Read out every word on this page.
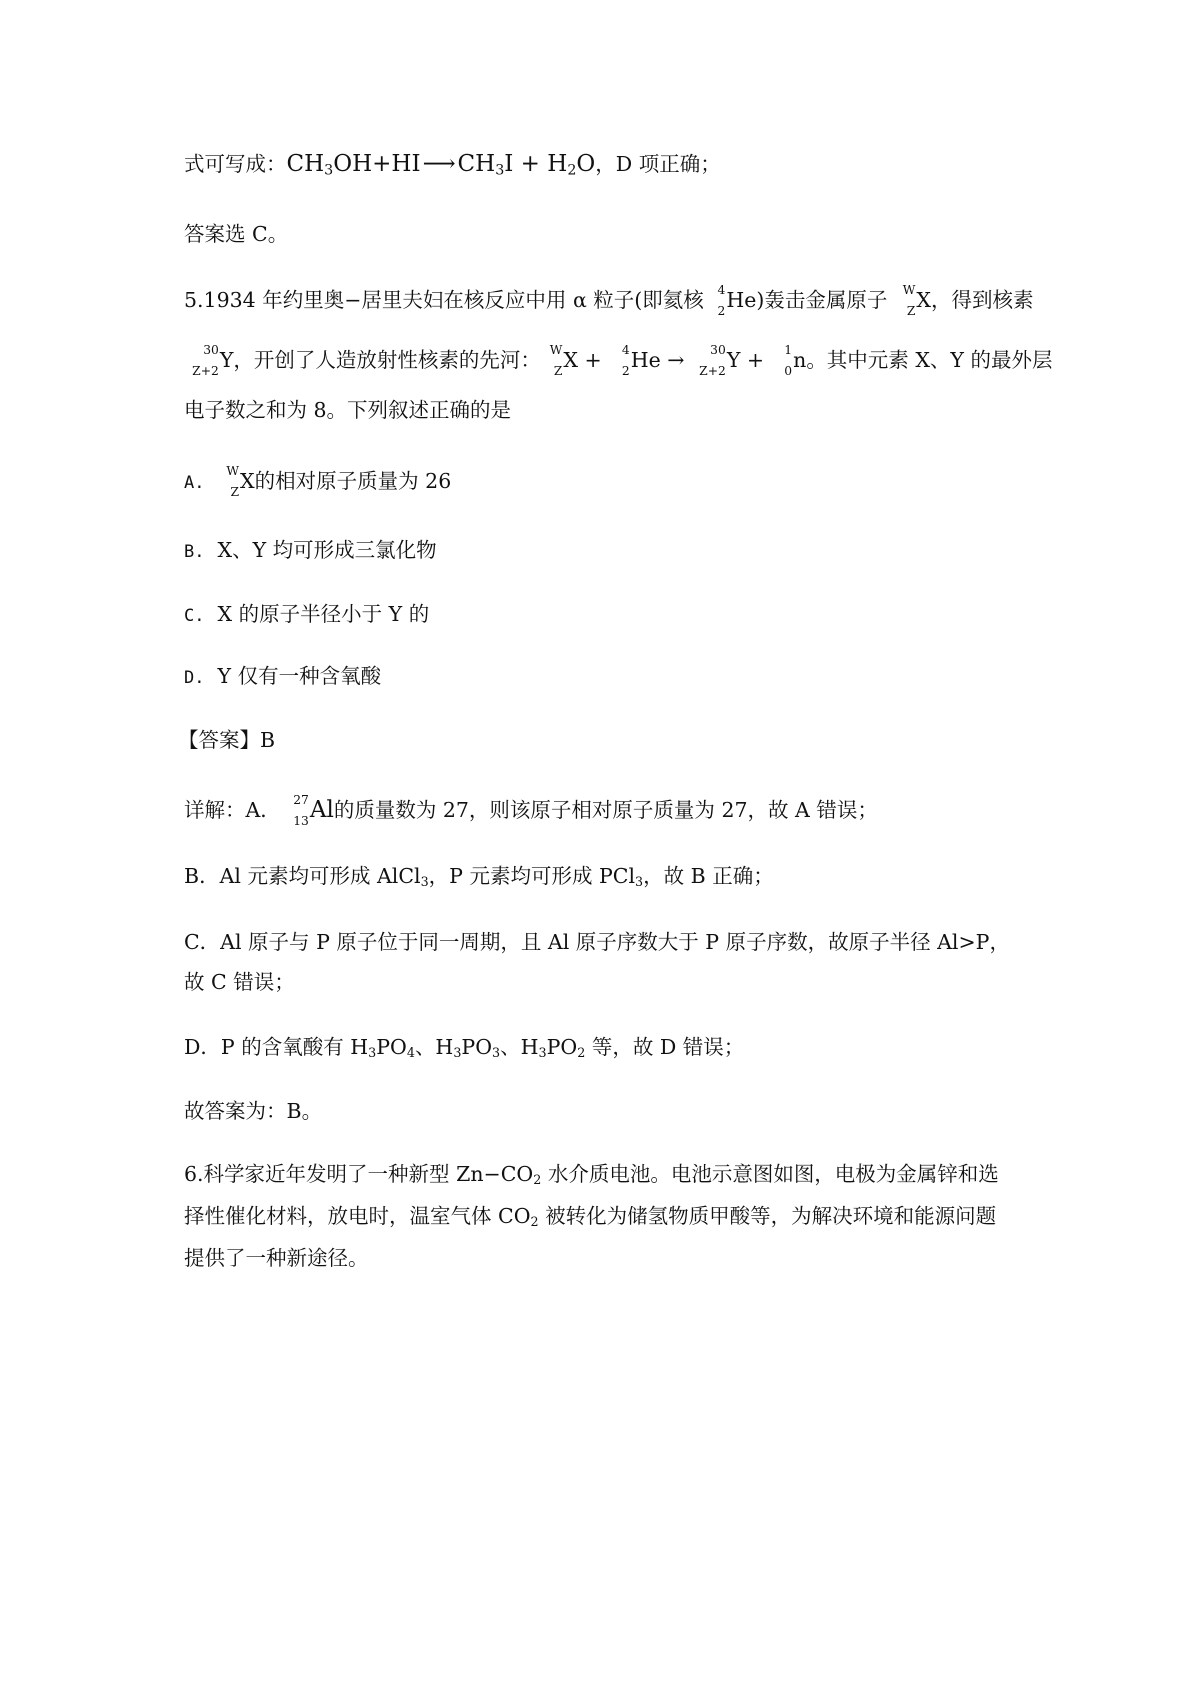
式可写成：$CH_3OH+HI⟶CH_3I + H_2O$，D 项正确；
答案选 C。
5.1934 年约里奥−居里夫妇在核反应中用 α 粒子(即氦核 4
2 He)轰击金属原子 W
Z X，得到核素
30
Z+2 Y，开创了人造放射性核素的先河： W
Z X + 4
2 He → 30
Z+2 Y + 1
0 n。其中元素 X、Y 的最外层
电子数之和为 8。下列叙述正确的是
A.
W
Z X的相对原子质量为 26
B. X、Y 均可形成三氯化物
C. X 的原子半径小于 Y 的
D. Y 仅有一种含氧酸
【答案】B
详解：A． 27
13 Al的质量数为 27，则该原子相对原子质量为 27，故 A 错误；
B．Al 元素均可形成 AlCl$_3$，P 元素均可形成 PCl$_3$，故 B 正确；
C．Al 原子与 P 原子位于同一周期，且 Al 原子序数大于 P 原子序数，故原子半径 Al>P，
故 C 错误；
D．P 的含氧酸有 $H_3PO_4$、$H_3PO_3$、$H_3PO_2$ 等，故 D 错误；
故答案为：B。
6.科学家近年发明了一种新型 $Zn-CO_2$ 水介质电池。电池示意图如图，电极为金属锌和选
择性催化材料，放电时，温室气体 $CO_2$ 被转化为储氢物质甲酸等，为解决环境和能源问题
提供了一种新途径。
